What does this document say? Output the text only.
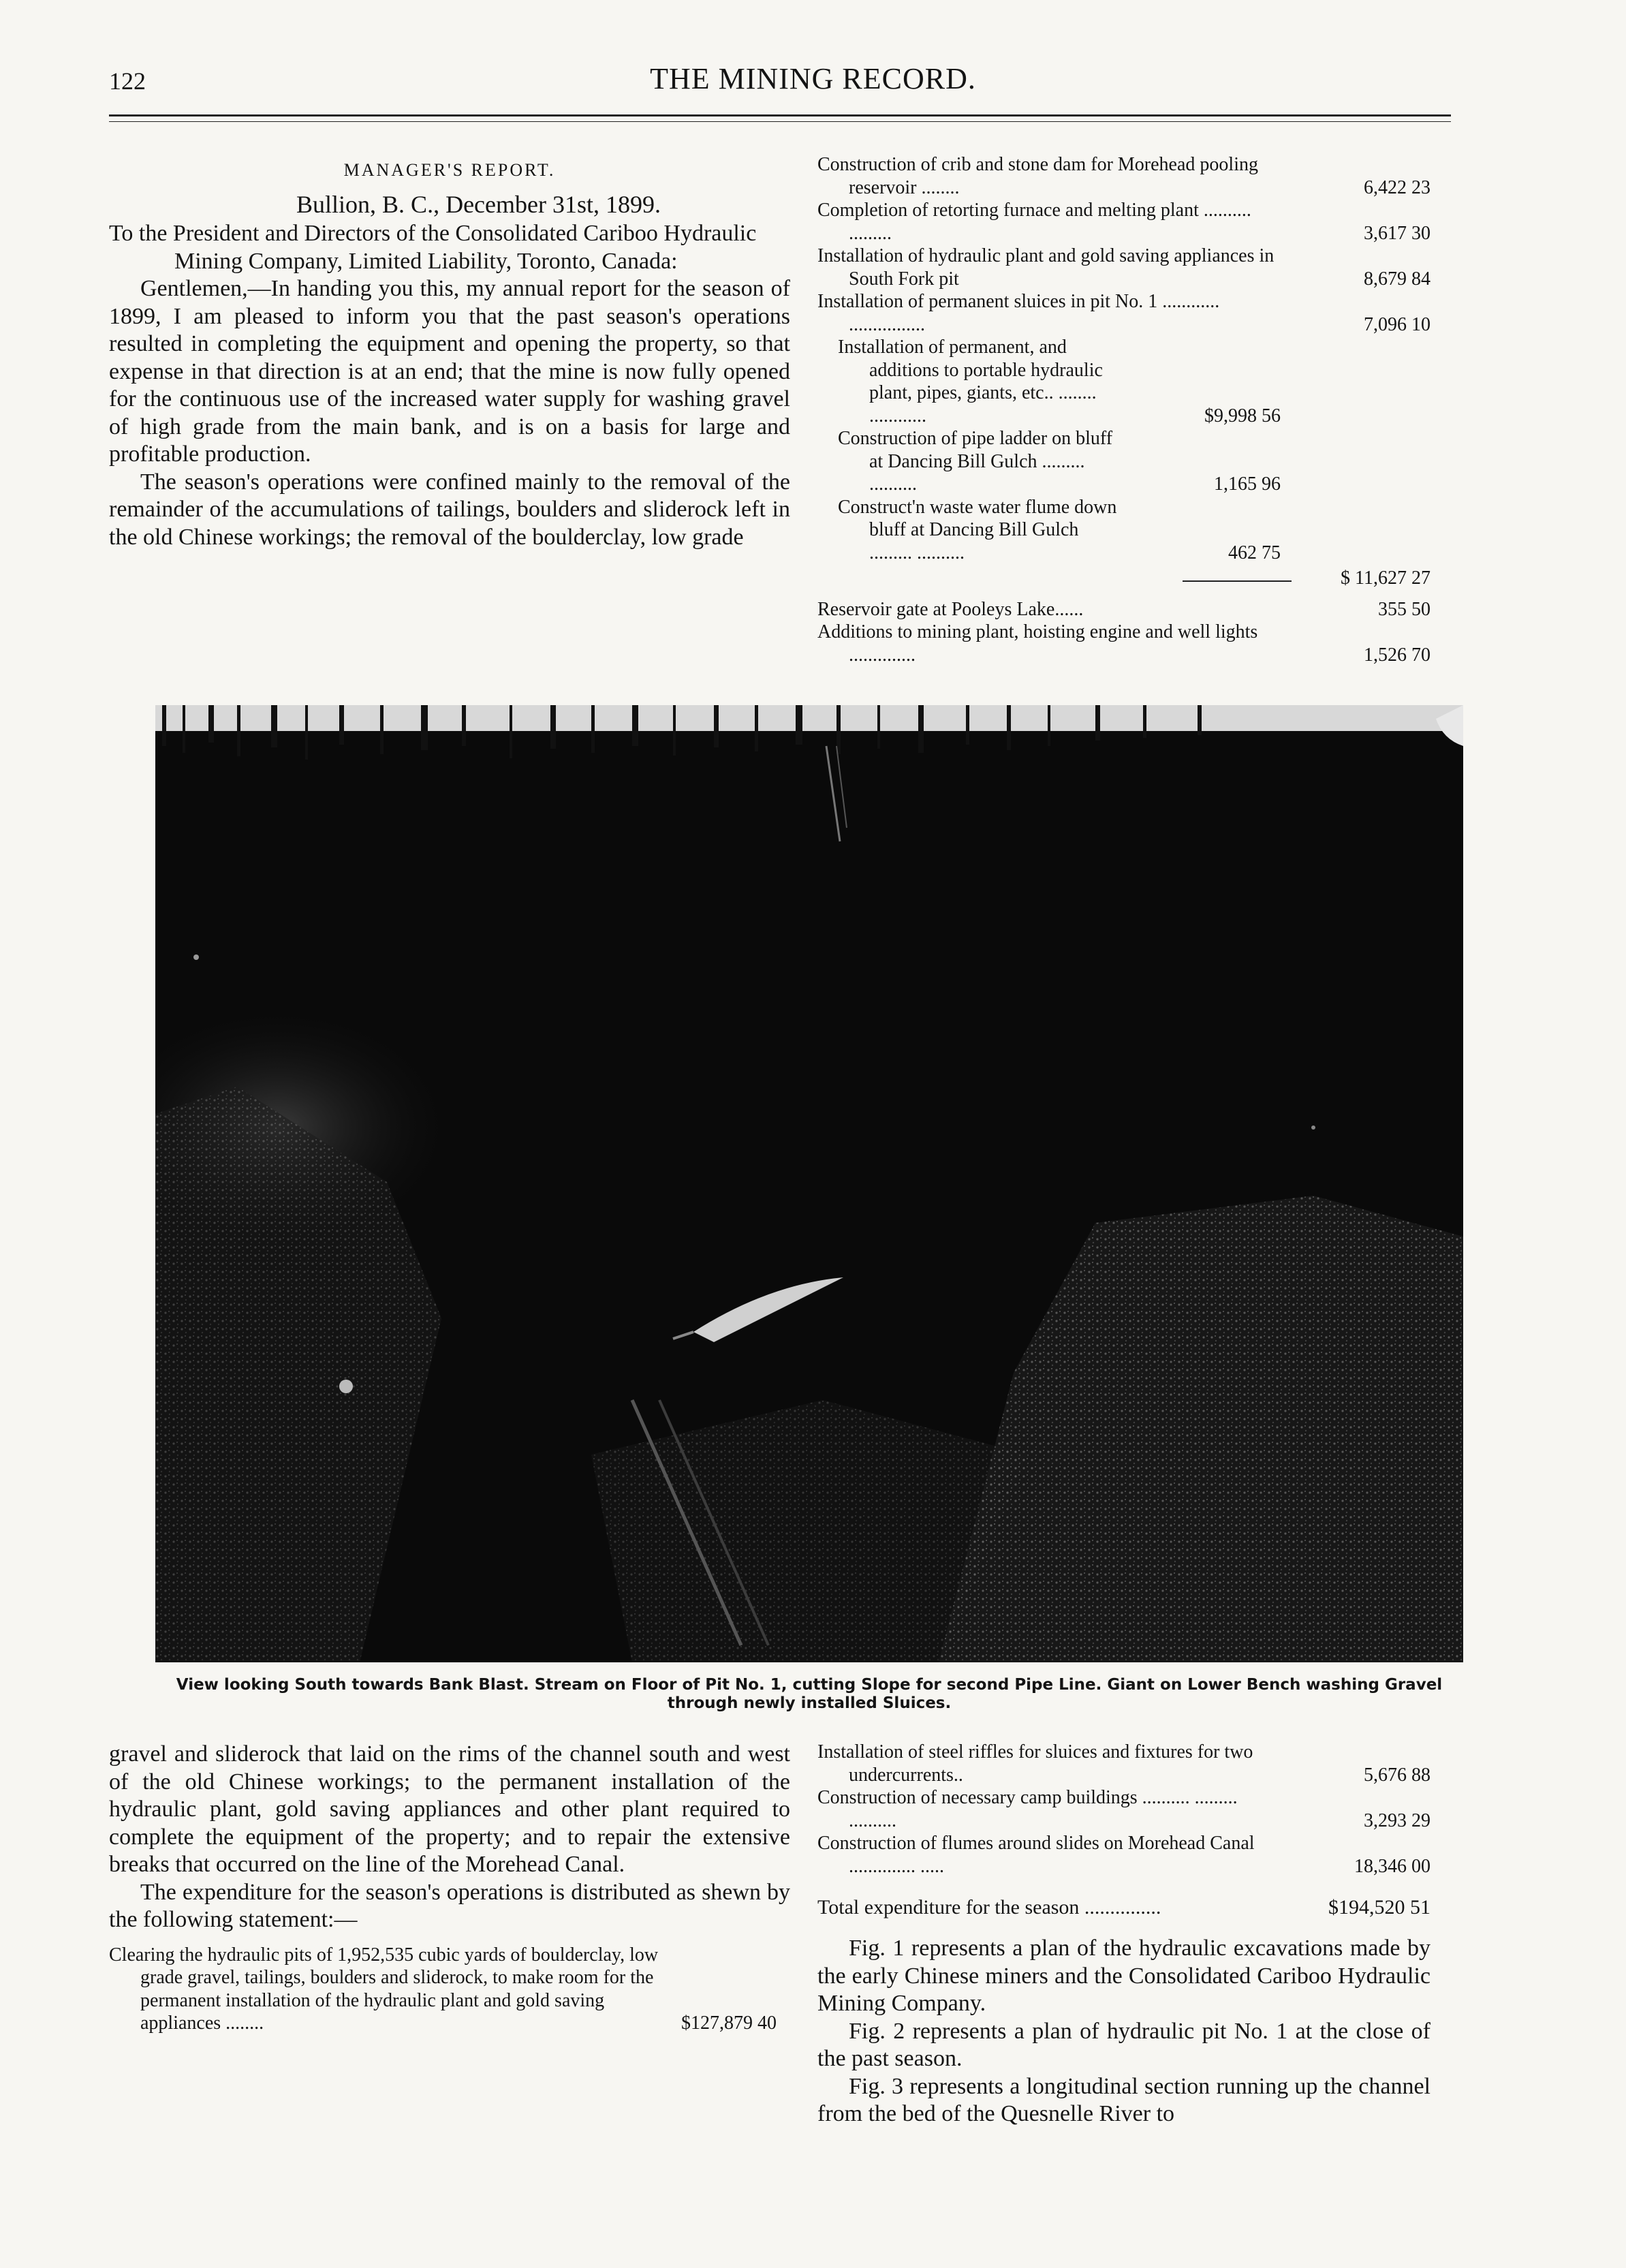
122	THE MINING RECORD.
MANAGER'S REPORT.
Bullion, B. C., December 31st, 1899.
To the President and Directors of the Consolidated Cariboo Hydraulic Mining Company, Limited Liability, Toronto, Canada:

Gentlemen,—In handing you this, my annual report for the season of 1899, I am pleased to inform you that the past season's operations resulted in completing the equipment and opening the property, so that expense in that direction is at an end; that the mine is now fully opened for the continuous use of the increased water supply for washing gravel of high grade from the main bank, and is on a basis for large and profitable production.

The season's operations were confined mainly to the removal of the remainder of the accumulations of tailings, boulders and sliderock left in the old Chinese workings; the removal of the boulderclay, low grade

Construction of crib and stone dam for Morehead pooling reservoir ........	6,422 23
Completion of retorting furnace and melting plant .......... .........	3,617 30
Installation of hydraulic plant and gold saving appliances in South Fork pit	8,679 84
Installation of permanent sluices in pit No. 1 ............ ................	7,096 10
Installation of permanent, and additions to portable hydraulic plant, pipes, giants, etc.. ........ ............	$9,998 56
Construction of pipe ladder on bluff at Dancing Bill Gulch ......... ..........	1,165 96
Construct'n waste water flume down bluff at Dancing Bill Gulch ......... ..........	462 75
$ 11,627 27
Reservoir gate at Pooleys Lake......	355 50
Additions to mining plant, hoisting engine and well lights ..............	1,526 70
View looking South towards Bank Blast. Stream on Floor of Pit No. 1, cutting Slope for second Pipe Line. Giant on Lower Bench washing Gravel through newly installed Sluices.

gravel and sliderock that laid on the rims of the channel south and west of the old Chinese workings; to the permanent installation of the hydraulic plant, gold saving appliances and other plant required to complete the equipment of the property; and to repair the extensive breaks that occurred on the line of the Morehead Canal.

The expenditure for the season's operations is distributed as shewn by the following statement:—

Clearing the hydraulic pits of 1,952,535 cubic yards of boulderclay, low grade gravel, tailings, boulders and sliderock, to make room for the permanent installation of the hydraulic plant and gold saving appliances ........	$127,879 40
Installation of steel riffles for sluices and fixtures for two undercurrents..	5,676 88
Construction of necessary camp buildings .......... ......... ..........	3,293 29
Construction of flumes around slides on Morehead Canal .............. .....	18,346 00
Total expenditure for the season ...............	$194,520 51

Fig. 1 represents a plan of the hydraulic excavations made by the early Chinese miners and the Consolidated Cariboo Hydraulic Mining Company.

Fig. 2 represents a plan of hydraulic pit No. 1 at the close of the past season.

Fig. 3 represents a longitudinal section running up the channel from the bed of the Quesnelle River to
